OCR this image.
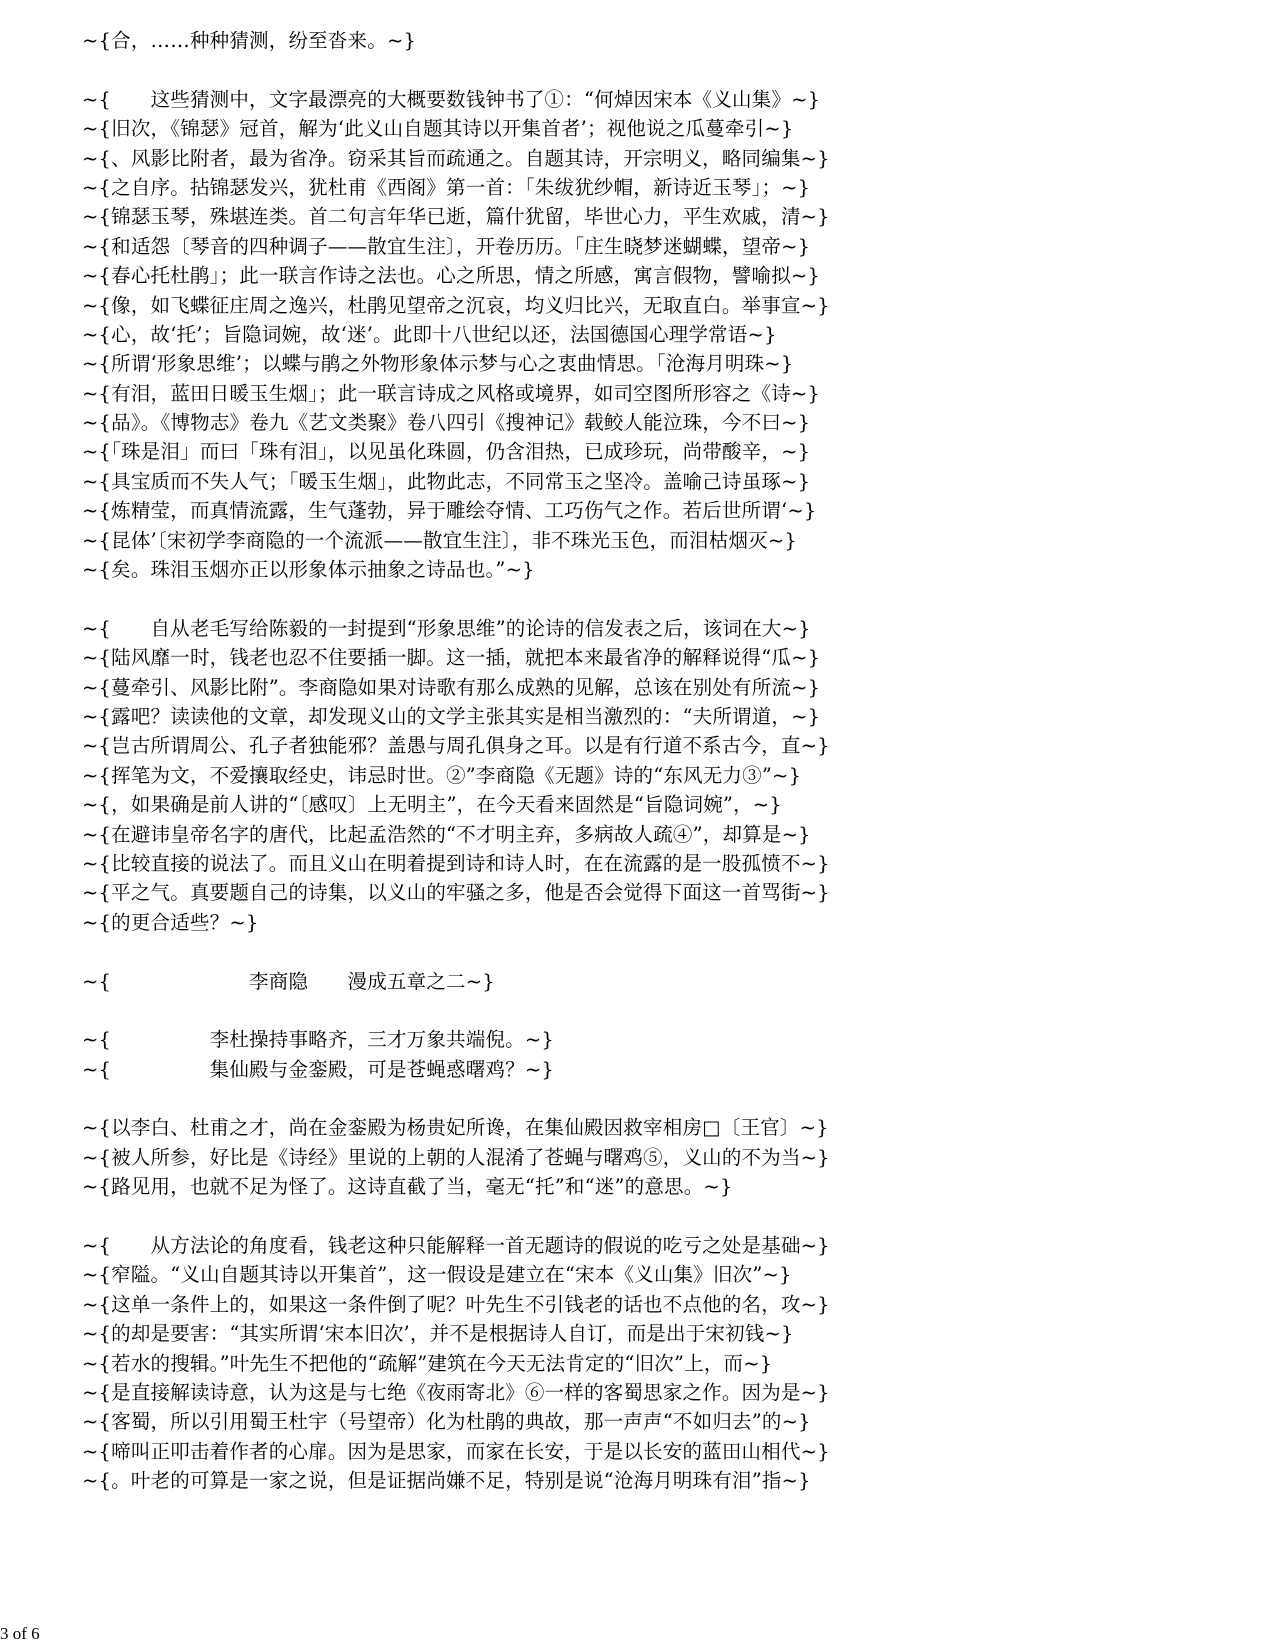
~{合，……种种猜测，纷至沓来。~}
~{　　这些猜测中，文字最漂亮的大概要数钱钟书了①：“何焯因宋本《义山集》~}
~{旧次，《锦瑟》冠首，解为‘此义山自题其诗以开集首者’；视他说之瓜蔓牵引~}
~{、风影比附者，最为省净。窃采其旨而疏通之。自题其诗，开宗明义，略同编集~}
~{之自序。拈锦瑟发兴，犹杜甫《西阁》第一首：「朱绂犹纱帽，新诗近玉琴」；~}
~{锦瑟玉琴，殊堪连类。首二句言年华已逝，篇什犹留，毕世心力，平生欢戚，清~}
~{和适怨〔琴音的四种调子——散宜生注〕，开卷历历。「庄生晓梦迷蝴蝶，望帝~}
~{春心托杜鹃」；此一联言作诗之法也。心之所思，情之所感，寓言假物，譬喻拟~}
~{像，如飞蝶征庄周之逸兴，杜鹃见望帝之沉哀，均义归比兴，无取直白。举事宣~}
~{心，故‘托’；旨隐词婉，故‘迷’。此即十八世纪以还，法国德国心理学常语~}
~{所谓‘形象思维’；以蝶与鹃之外物形象体示梦与心之衷曲情思。「沧海月明珠~}
~{有泪，蓝田日暖玉生烟」；此一联言诗成之风格或境界，如司空图所形容之《诗~}
~{品》。《博物志》卷九《艺文类聚》卷八四引《搜神记》载鲛人能泣珠，今不曰~}
~{「珠是泪」而曰「珠有泪」，以见虽化珠圆，仍含泪热，已成珍玩，尚带酸辛，~}
~{具宝质而不失人气；「暖玉生烟」，此物此志，不同常玉之坚冷。盖喻己诗虽琢~}
~{炼精莹，而真情流露，生气蓬勃，异于雕绘夺情、工巧伤气之作。若后世所谓‘~}
~{昆体’〔宋初学李商隐的一个流派——散宜生注〕，非不珠光玉色，而泪枯烟灭~}
~{矣。珠泪玉烟亦正以形象体示抽象之诗品也。”~}
~{　　自从老毛写给陈毅的一封提到“形象思维”的论诗的信发表之后，该词在大~}
~{陆风靡一时，钱老也忍不住要插一脚。这一插，就把本来最省净的解释说得“瓜~}
~{蔓牵引、风影比附”。李商隐如果对诗歌有那么成熟的见解，总该在别处有所流~}
~{露吧？读读他的文章，却发现义山的文学主张其实是相当激烈的：“夫所谓道，~}
~{岂古所谓周公、孔子者独能邪？盖愚与周孔俱身之耳。以是有行道不系古今，直~}
~{挥笔为文，不爱攘取经史，讳忌时世。②”李商隐《无题》诗的“东风无力③”~}
~{，如果确是前人讲的“〔感叹〕上无明主”，在今天看来固然是“旨隐词婉”，~}
~{在避讳皇帝名字的唐代，比起孟浩然的“不才明主弃，多病故人疏④”，却算是~}
~{比较直接的说法了。而且义山在明着提到诗和诗人时，在在流露的是一股孤愤不~}
~{平之气。真要题自己的诗集，以义山的牢骚之多，他是否会觉得下面这一首骂街~}
~{的更合适些？~}
~{　　　　　　　李商隐　　漫成五章之二~}
~{　　　　　李杜操持事略齐，三才万象共端倪。~}
~{　　　　　集仙殿与金銮殿，可是苍蝇惑曙鸡？~}
~{以李白、杜甫之才，尚在金銮殿为杨贵妃所谗，在集仙殿因救宰相房□〔王官〕~}
~{被人所参，好比是《诗经》里说的上朝的人混淆了苍蝇与曙鸡⑤，义山的不为当~}
~{路见用，也就不足为怪了。这诗直截了当，毫无“托”和“迷”的意思。~}
~{　　从方法论的角度看，钱老这种只能解释一首无题诗的假说的吃亏之处是基础~}
~{窄隘。“义山自题其诗以开集首”，这一假设是建立在“宋本《义山集》旧次”~}
~{这单一条件上的，如果这一条件倒了呢？叶先生不引钱老的话也不点他的名，攻~}
~{的却是要害：“其实所谓‘宋本旧次’，并不是根据诗人自订，而是出于宋初钱~}
~{若水的搜辑。”叶先生不把他的“疏解”建筑在今天无法肯定的“旧次”上，而~}
~{是直接解读诗意，认为这是与七绝《夜雨寄北》⑥一样的客蜀思家之作。因为是~}
~{客蜀，所以引用蜀王杜宇（号望帝）化为杜鹃的典故，那一声声“不如归去”的~}
~{啼叫正叩击着作者的心扉。因为是思家，而家在长安，于是以长安的蓝田山相代~}
~{。叶老的可算是一家之说，但是证据尚嫌不足，特别是说“沧海月明珠有泪”指~}
3 of 6
